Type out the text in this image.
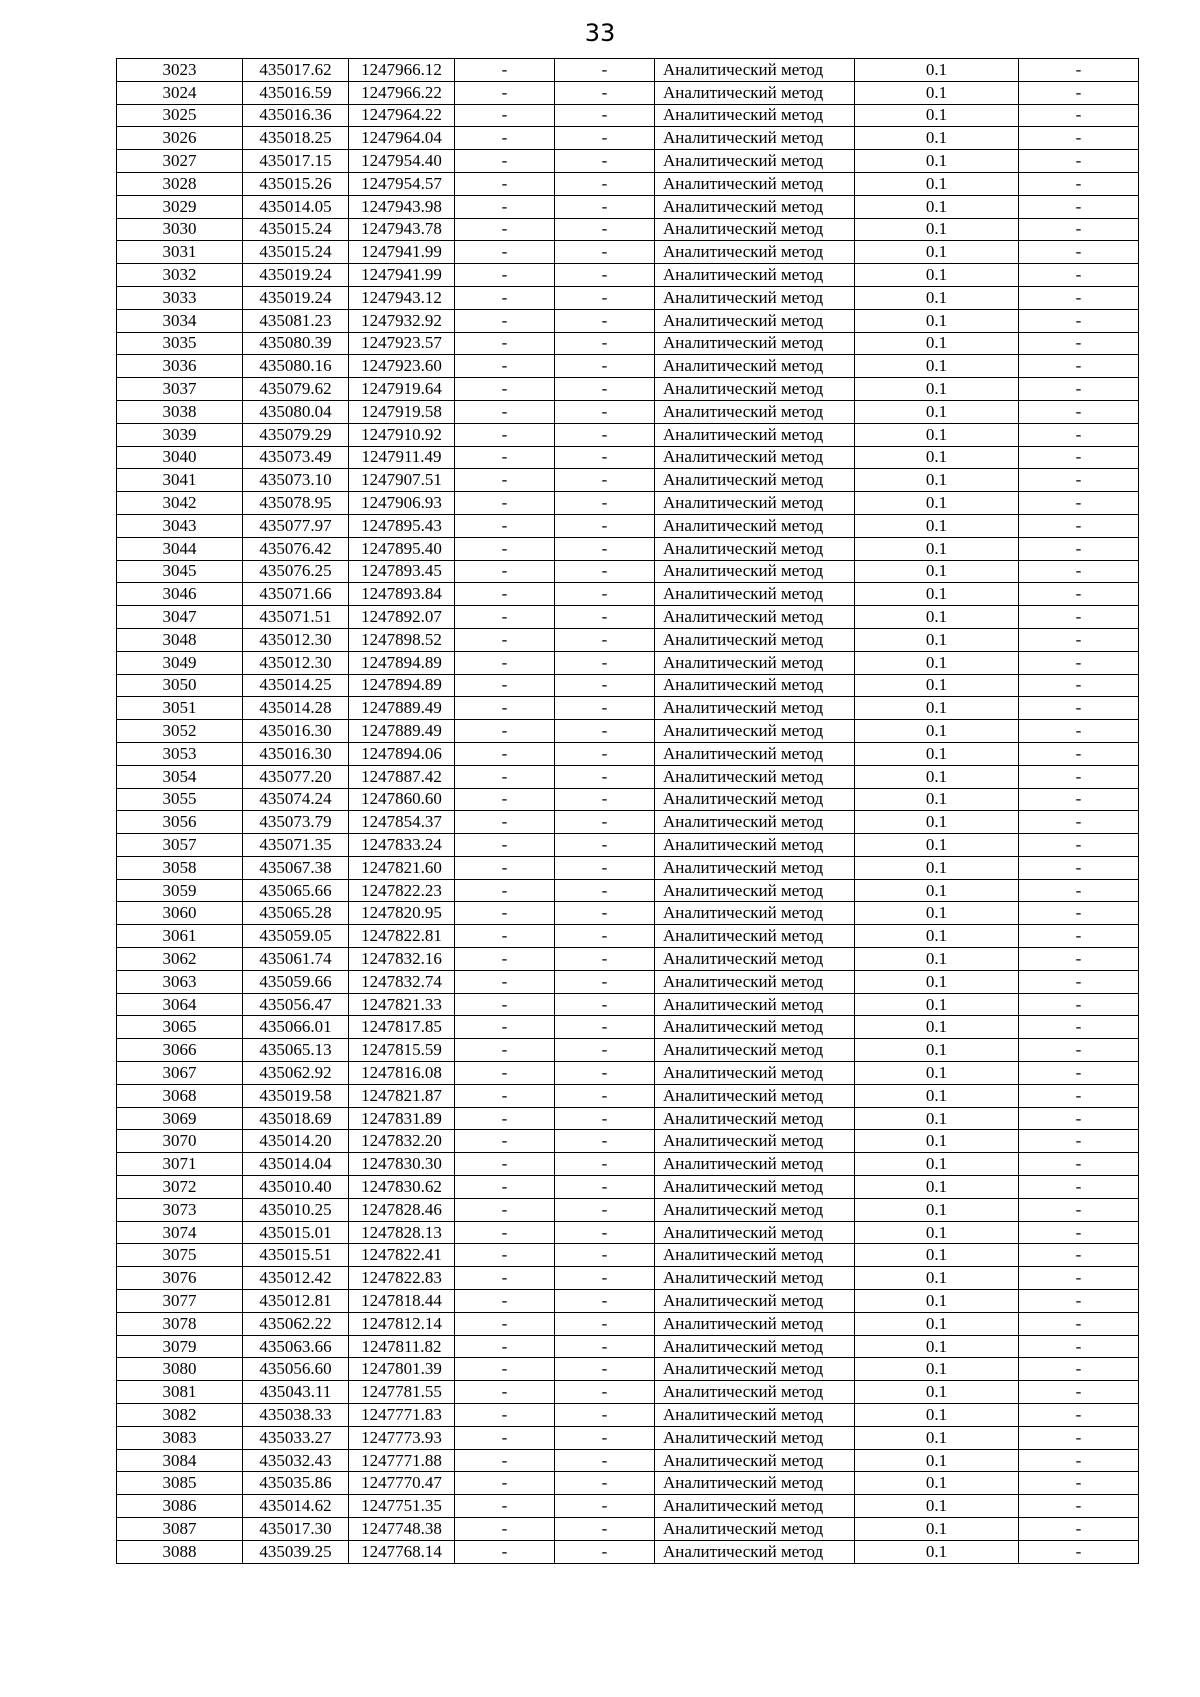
33
3023	435017.62	1247966.12	-	-	Аналитический метод	0.1	-
3024	435016.59	1247966.22	-	-	Аналитический метод	0.1	-
3025	435016.36	1247964.22	-	-	Аналитический метод	0.1	-
3026	435018.25	1247964.04	-	-	Аналитический метод	0.1	-
3027	435017.15	1247954.40	-	-	Аналитический метод	0.1	-
3028	435015.26	1247954.57	-	-	Аналитический метод	0.1	-
3029	435014.05	1247943.98	-	-	Аналитический метод	0.1	-
3030	435015.24	1247943.78	-	-	Аналитический метод	0.1	-
3031	435015.24	1247941.99	-	-	Аналитический метод	0.1	-
3032	435019.24	1247941.99	-	-	Аналитический метод	0.1	-
3033	435019.24	1247943.12	-	-	Аналитический метод	0.1	-
3034	435081.23	1247932.92	-	-	Аналитический метод	0.1	-
3035	435080.39	1247923.57	-	-	Аналитический метод	0.1	-
3036	435080.16	1247923.60	-	-	Аналитический метод	0.1	-
3037	435079.62	1247919.64	-	-	Аналитический метод	0.1	-
3038	435080.04	1247919.58	-	-	Аналитический метод	0.1	-
3039	435079.29	1247910.92	-	-	Аналитический метод	0.1	-
3040	435073.49	1247911.49	-	-	Аналитический метод	0.1	-
3041	435073.10	1247907.51	-	-	Аналитический метод	0.1	-
3042	435078.95	1247906.93	-	-	Аналитический метод	0.1	-
3043	435077.97	1247895.43	-	-	Аналитический метод	0.1	-
3044	435076.42	1247895.40	-	-	Аналитический метод	0.1	-
3045	435076.25	1247893.45	-	-	Аналитический метод	0.1	-
3046	435071.66	1247893.84	-	-	Аналитический метод	0.1	-
3047	435071.51	1247892.07	-	-	Аналитический метод	0.1	-
3048	435012.30	1247898.52	-	-	Аналитический метод	0.1	-
3049	435012.30	1247894.89	-	-	Аналитический метод	0.1	-
3050	435014.25	1247894.89	-	-	Аналитический метод	0.1	-
3051	435014.28	1247889.49	-	-	Аналитический метод	0.1	-
3052	435016.30	1247889.49	-	-	Аналитический метод	0.1	-
3053	435016.30	1247894.06	-	-	Аналитический метод	0.1	-
3054	435077.20	1247887.42	-	-	Аналитический метод	0.1	-
3055	435074.24	1247860.60	-	-	Аналитический метод	0.1	-
3056	435073.79	1247854.37	-	-	Аналитический метод	0.1	-
3057	435071.35	1247833.24	-	-	Аналитический метод	0.1	-
3058	435067.38	1247821.60	-	-	Аналитический метод	0.1	-
3059	435065.66	1247822.23	-	-	Аналитический метод	0.1	-
3060	435065.28	1247820.95	-	-	Аналитический метод	0.1	-
3061	435059.05	1247822.81	-	-	Аналитический метод	0.1	-
3062	435061.74	1247832.16	-	-	Аналитический метод	0.1	-
3063	435059.66	1247832.74	-	-	Аналитический метод	0.1	-
3064	435056.47	1247821.33	-	-	Аналитический метод	0.1	-
3065	435066.01	1247817.85	-	-	Аналитический метод	0.1	-
3066	435065.13	1247815.59	-	-	Аналитический метод	0.1	-
3067	435062.92	1247816.08	-	-	Аналитический метод	0.1	-
3068	435019.58	1247821.87	-	-	Аналитический метод	0.1	-
3069	435018.69	1247831.89	-	-	Аналитический метод	0.1	-
3070	435014.20	1247832.20	-	-	Аналитический метод	0.1	-
3071	435014.04	1247830.30	-	-	Аналитический метод	0.1	-
3072	435010.40	1247830.62	-	-	Аналитический метод	0.1	-
3073	435010.25	1247828.46	-	-	Аналитический метод	0.1	-
3074	435015.01	1247828.13	-	-	Аналитический метод	0.1	-
3075	435015.51	1247822.41	-	-	Аналитический метод	0.1	-
3076	435012.42	1247822.83	-	-	Аналитический метод	0.1	-
3077	435012.81	1247818.44	-	-	Аналитический метод	0.1	-
3078	435062.22	1247812.14	-	-	Аналитический метод	0.1	-
3079	435063.66	1247811.82	-	-	Аналитический метод	0.1	-
3080	435056.60	1247801.39	-	-	Аналитический метод	0.1	-
3081	435043.11	1247781.55	-	-	Аналитический метод	0.1	-
3082	435038.33	1247771.83	-	-	Аналитический метод	0.1	-
3083	435033.27	1247773.93	-	-	Аналитический метод	0.1	-
3084	435032.43	1247771.88	-	-	Аналитический метод	0.1	-
3085	435035.86	1247770.47	-	-	Аналитический метод	0.1	-
3086	435014.62	1247751.35	-	-	Аналитический метод	0.1	-
3087	435017.30	1247748.38	-	-	Аналитический метод	0.1	-
3088	435039.25	1247768.14	-	-	Аналитический метод	0.1	-
